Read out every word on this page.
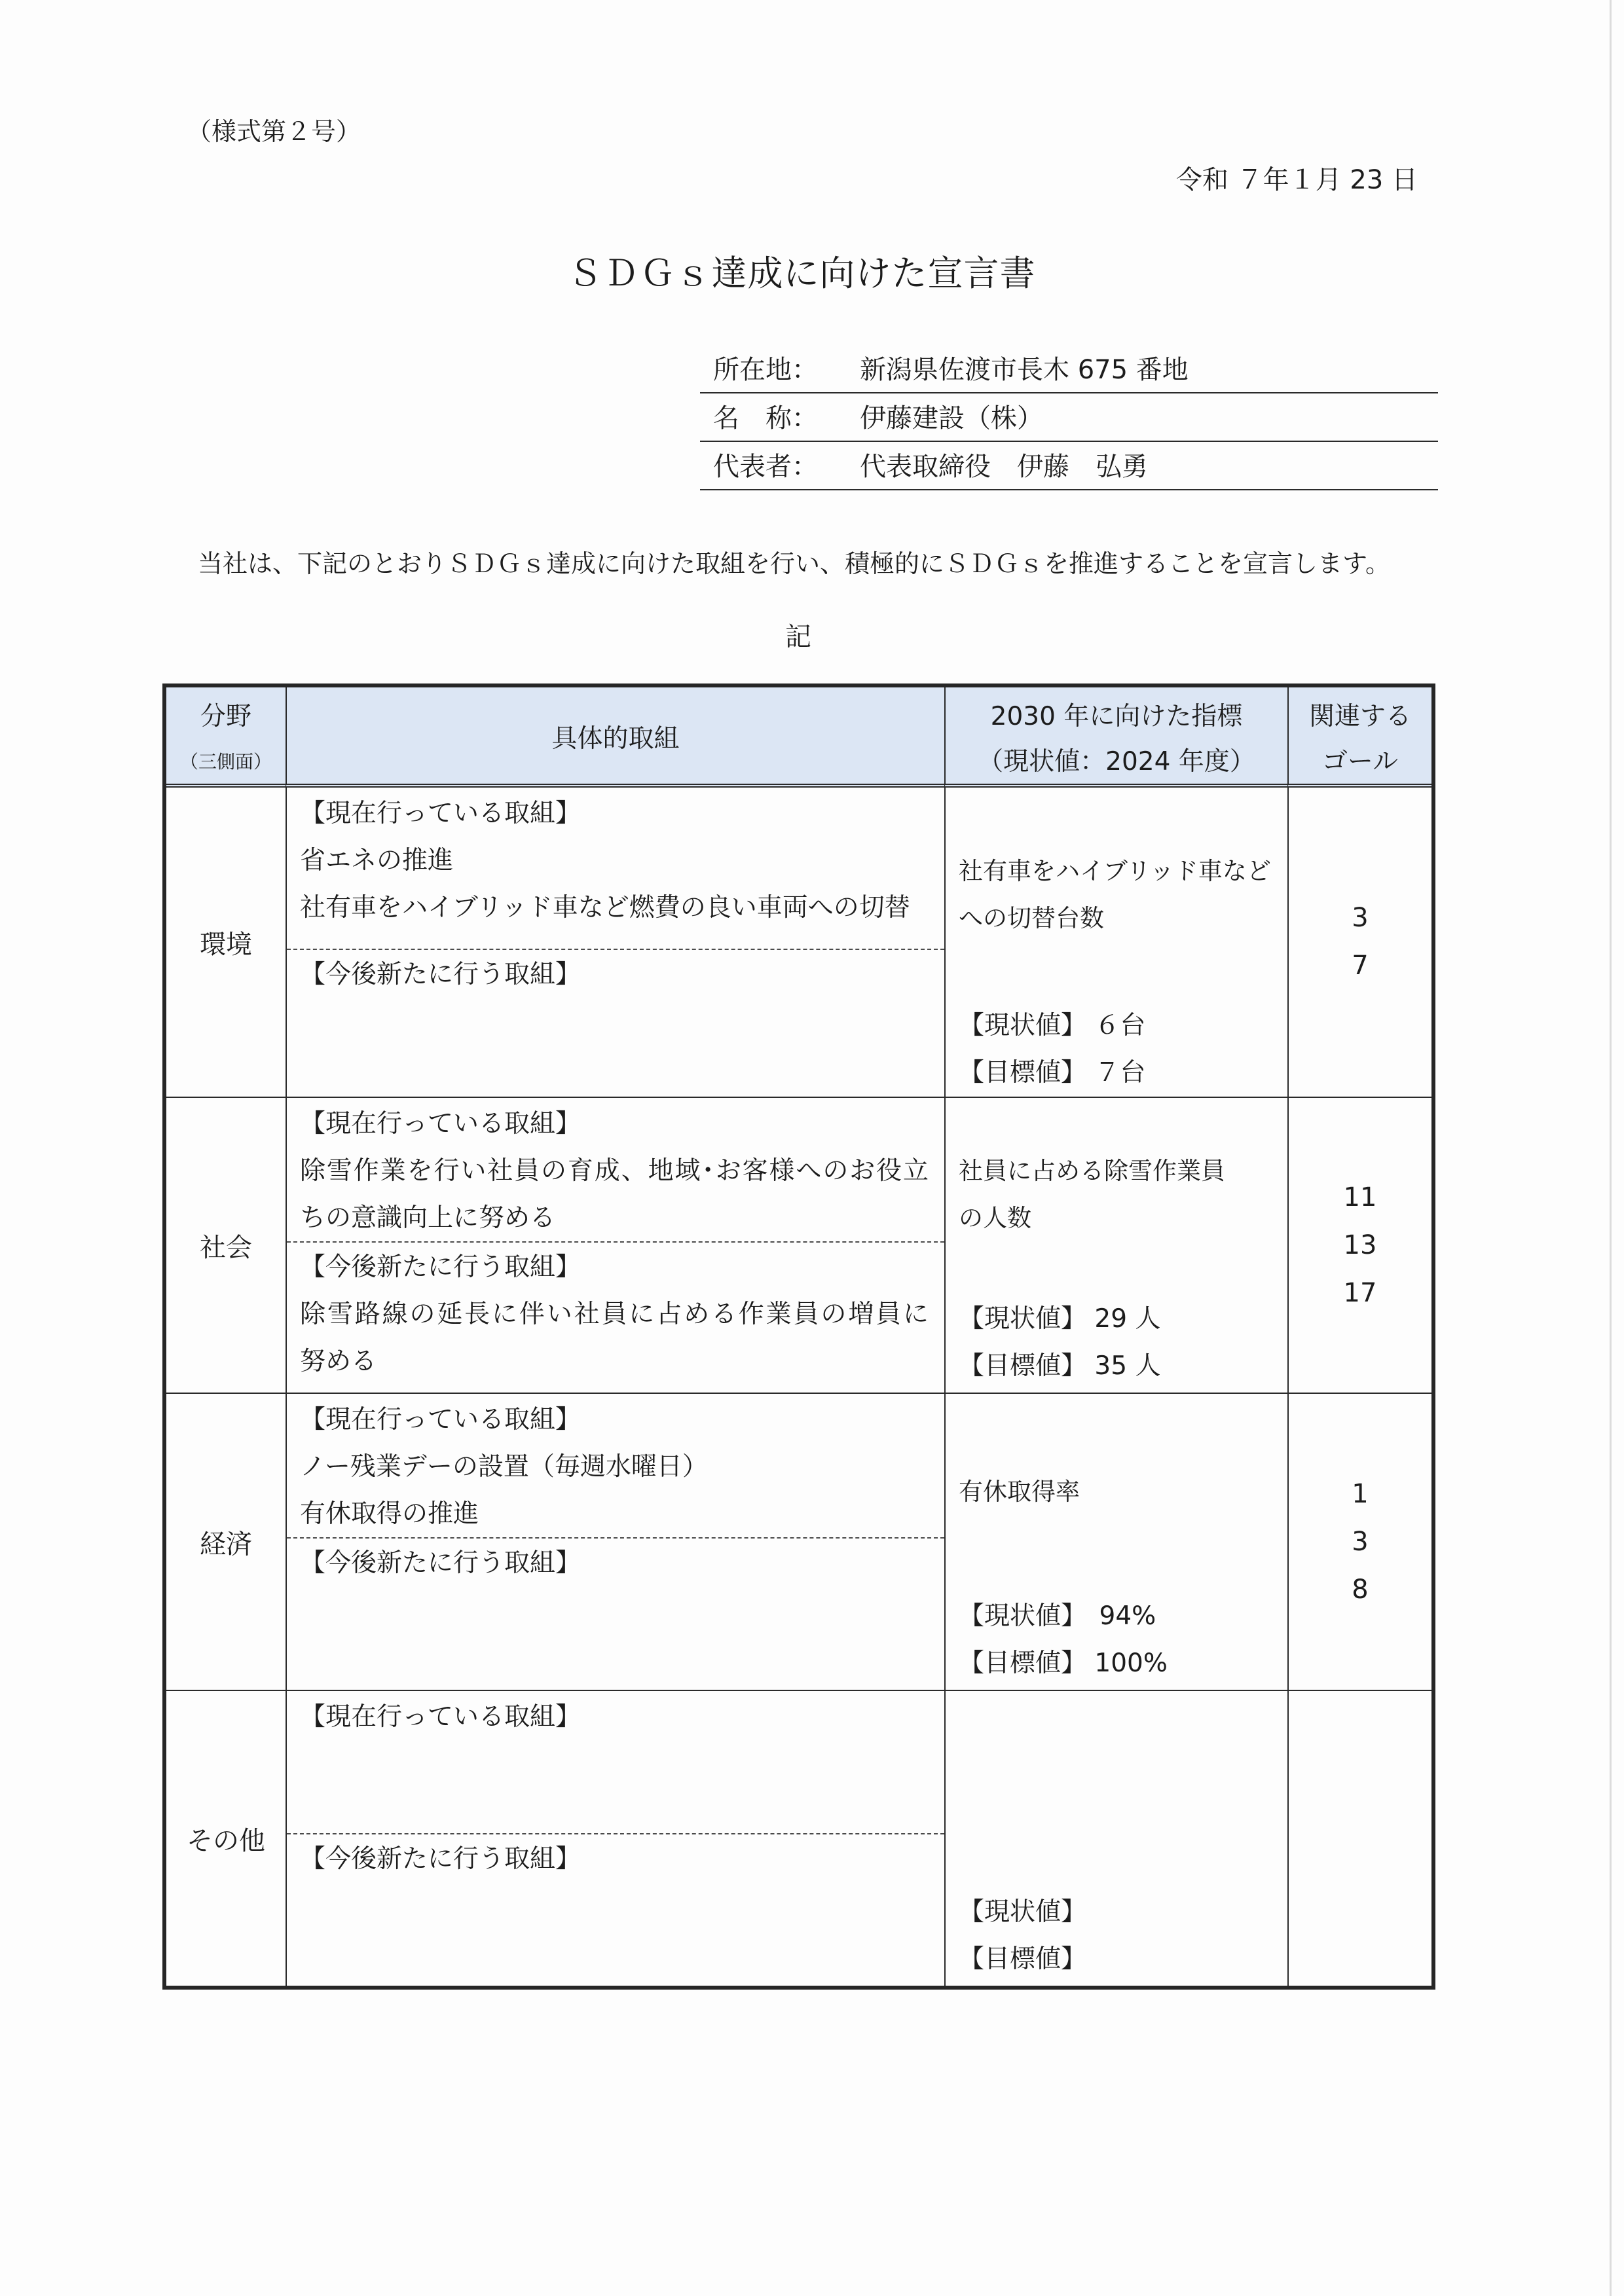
（様式第２号）
令和 ７年１月 23 日
ＳＤＧｓ達成に向けた宣言書
所在地： 新潟県佐渡市長木 675 番地
名　称： 伊藤建設（株）
代表者： 代表取締役　伊藤　弘勇
当社は、下記のとおりＳＤＧｓ達成に向けた取組を行い、積極的にＳＤＧｓを推進することを宣言します。
記
分野
（三側面）
具体的取組
2030 年に向けた指標
（現状値：2024 年度）
関連する
ゴール
環境
【現在行っている取組】
省エネの推進
社有車をハイブリッド車など燃費の良い車両への切替
【今後新たに行う取組】
社有車をハイブリッド車など
への切替台数
【現状値】 ６台
【目標値】 ７台
3
7
社会
【現在行っている取組】
除雪作業を行い社員の育成、地域･お客様へのお役立
ちの意識向上に努める
【今後新たに行う取組】
除雪路線の延長に伴い社員に占める作業員の増員に
努める
社員に占める除雪作業員
の人数
【現状値】 29 人
【目標値】 35 人
11
13
17
経済
【現在行っている取組】
ノー残業デーの設置（毎週水曜日）
有休取得の推進
【今後新たに行う取組】
有休取得率
【現状値】　94%
【目標値】 100%
1
3
8
その他
【現在行っている取組】
【今後新たに行う取組】
【現状値】
【目標値】
